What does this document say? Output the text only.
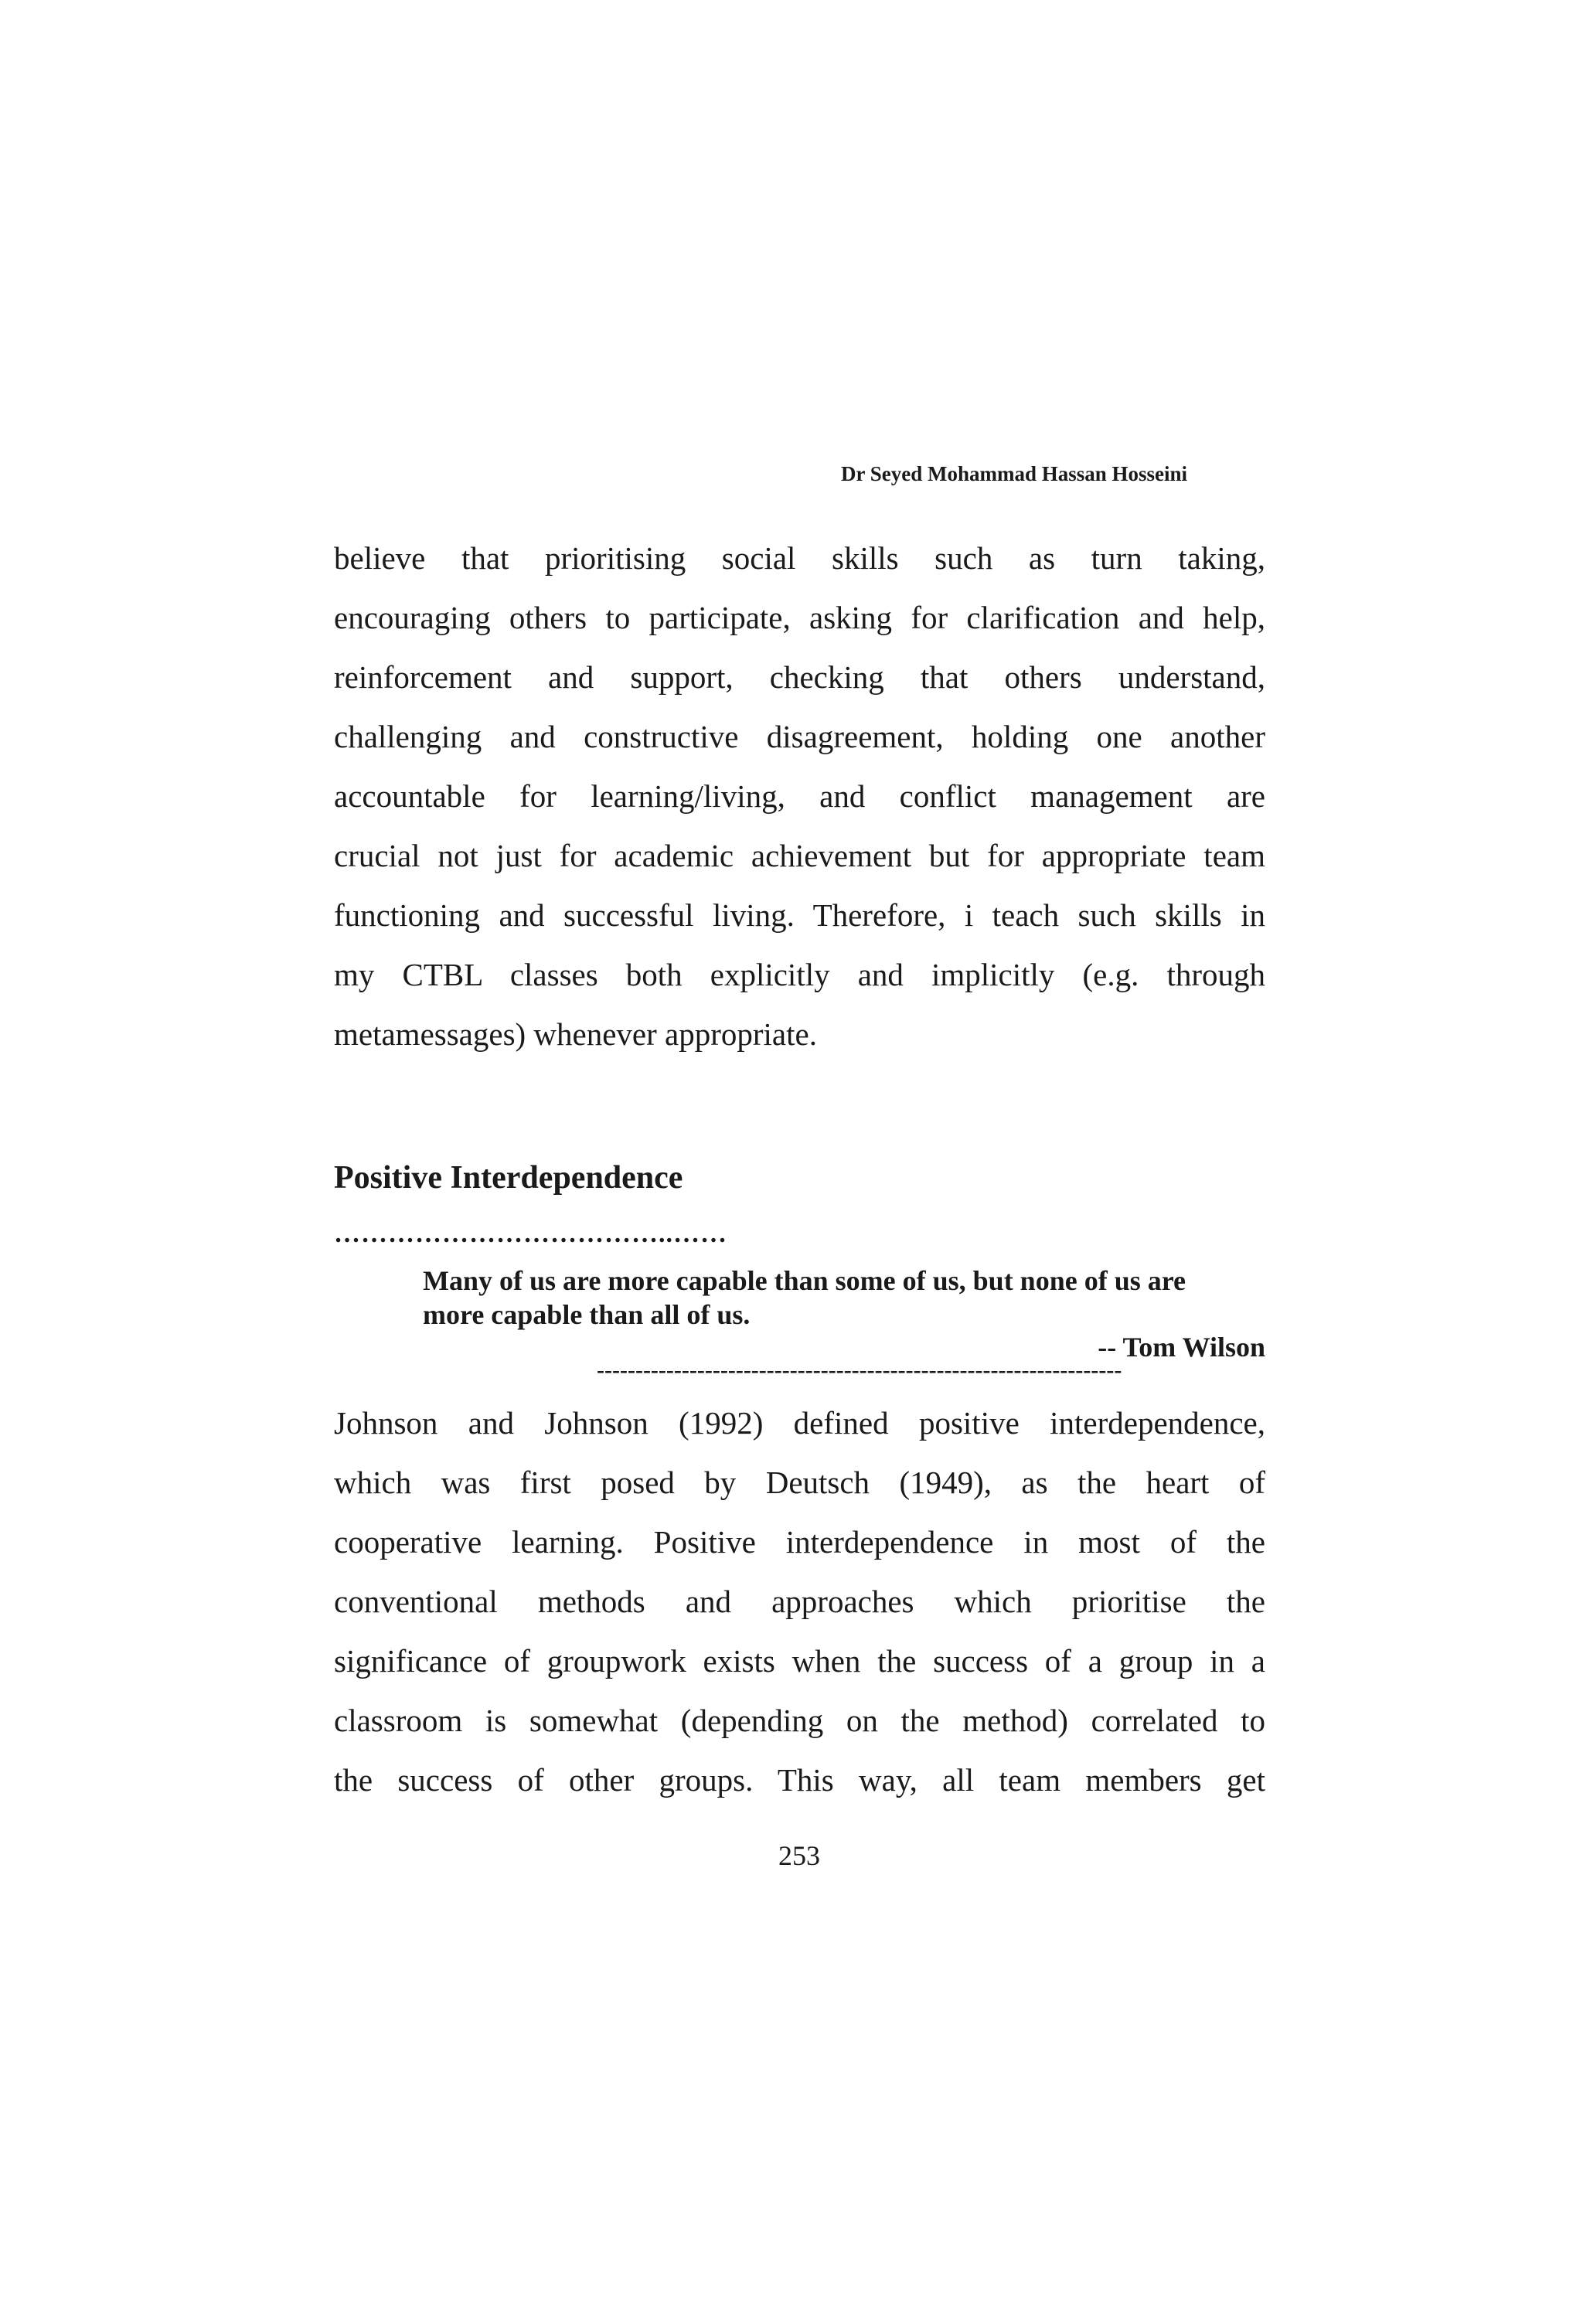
Dr Seyed Mohammad Hassan Hosseini
believe that prioritising social skills such as turn taking,
encouraging others to participate, asking for clarification and help,
reinforcement and support, checking that others understand,
challenging and constructive disagreement, holding one another
accountable for learning/living, and conflict management are
crucial not just for academic achievement but for appropriate team
functioning and successful living. Therefore, i teach such skills in
my CTBL classes both explicitly and implicitly (e.g. through
metamessages) whenever appropriate.
Positive Interdependence
………………………………..……
Many of us are more capable than some of us, but none of us are
more capable than all of us.
-- Tom Wilson
--------------------------------------------------------------------
Johnson and Johnson (1992) defined positive interdependence,
which was first posed by Deutsch (1949), as the heart of
cooperative learning. Positive interdependence in most of the
conventional methods and approaches which prioritise the
significance of groupwork exists when the success of a group in a
classroom is somewhat (depending on the method) correlated to
the success of other groups. This way, all team members get
253
